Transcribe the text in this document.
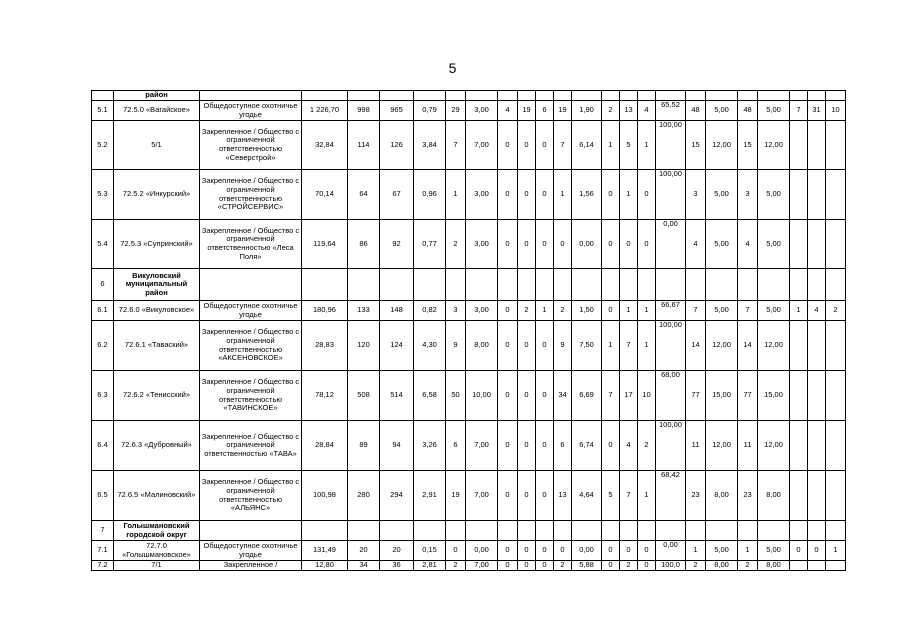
5
	район																							
5.1	72.5.0 «Вагайское»	Общедоступное охотничье угодье	1 226,70	998	965	0,79	29	3,00	4	19	6	19	1,90	2	13	4	65,52	48	5,00	48	5,00	7	31	10
5.2	5/1	Закрепленное / Общество с ограниченной ответственностью «Северстрой»	32,84	114	126	3,84	7	7,00	0	0	0	7	6,14	1	5	1	100,00	15	12,00	15	12,00			
5.3	72.5.2 «Инкурский»	Закрепленное / Общество с ограниченной ответственностью «СТРОЙСЕРВИС»	70,14	64	67	0,96	1	3,00	0	0	0	1	1,56	0	1	0	100,00	3	5,00	3	5,00			
5.4	72.5.3 «Супринский»	Закрепленное / Общество с ограниченной ответственностью «Леса Поля»	119,64	86	92	0,77	2	3,00	0	0	0	0	0,00	0	0	0	0,00	4	5,00	4	5,00			
6	Викуловский муниципальный район																							
6.1	72.6.0 «Викуловское»	Общедоступное охотничье угодье	180,96	133	148	0,82	3	3,00	0	2	1	2	1,50	0	1	1	66,67	7	5,00	7	5,00	1	4	2
6.2	72.6.1 «Таваский»	Закрепленное / Общество с ограниченной ответственностью «АКСЕНОВСКОЕ»	28,83	120	124	4,30	9	8,00	0	0	0	9	7,50	1	7	1	100,00	14	12,00	14	12,00			
6.3	72.6.2 «Тенисский»	Закрепленное / Общество с ограниченной ответственностью «ТАВИНСКОЕ»	78,12	508	514	6,58	50	10,00	0	0	0	34	6,69	7	17	10	68,00	77	15,00	77	15,00			
6.4	72.6.3 «Дубровный»	Закрепленное / Общество с ограниченной ответственностью «ТАВА»	28,84	89	94	3,26	6	7,00	0	0	0	6	6,74	0	4	2	100,00	11	12,00	11	12,00			
6.5	72.6.5 «Малиновский»	Закрепленное / Общество с ограниченной ответственностью «АЛЬЯНС»	100,98	280	294	2,91	19	7,00	0	0	0	13	4,64	5	7	1	68,42	23	8,00	23	8,00			
7	Голышмановский городской округ																							
7.1	72.7.0 «Голышмановское»	Общедоступное охотничье угодье	131,49	20	20	0,15	0	0,00	0	0	0	0	0,00	0	0	0	0,00	1	5,00	1	5,00	0	0	1
7.2	7/1	Закрепленное /	12,80	34	36	2,81	2	7,00	0	0	0	2	5,88	0	2	0	100,0	2	8,00	2	8,00			
